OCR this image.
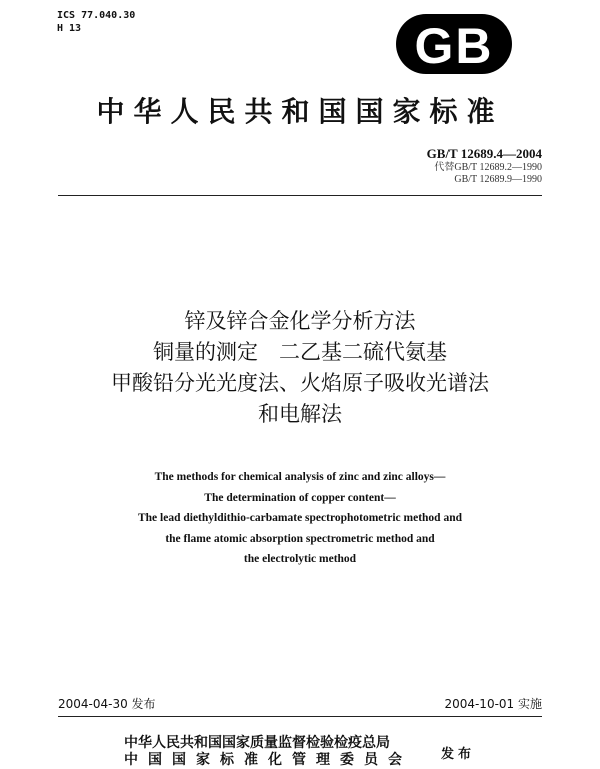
ICS 77.040.30
H 13	GB
中华人民共和国国家标准
GB/T 12689.4—2004
代替GB/T 12689.2—1990
GB/T 12689.9—1990
锌及锌合金化学分析方法
铜量的测定　二乙基二硫代氨基
甲酸铅分光光度法、火焰原子吸收光谱法
和电解法
The methods for chemical analysis of zinc and zinc alloys—
The determination of copper content—
The lead diethyldithio-carbamate spectrophotometric method and
the flame atomic absorption spectrometric method and
the electrolytic method
2004-04-30 发布	2004-10-01 实施
中华人民共和国国家质量监督检验检疫总局
中国国家标准化管理委员会 发布
